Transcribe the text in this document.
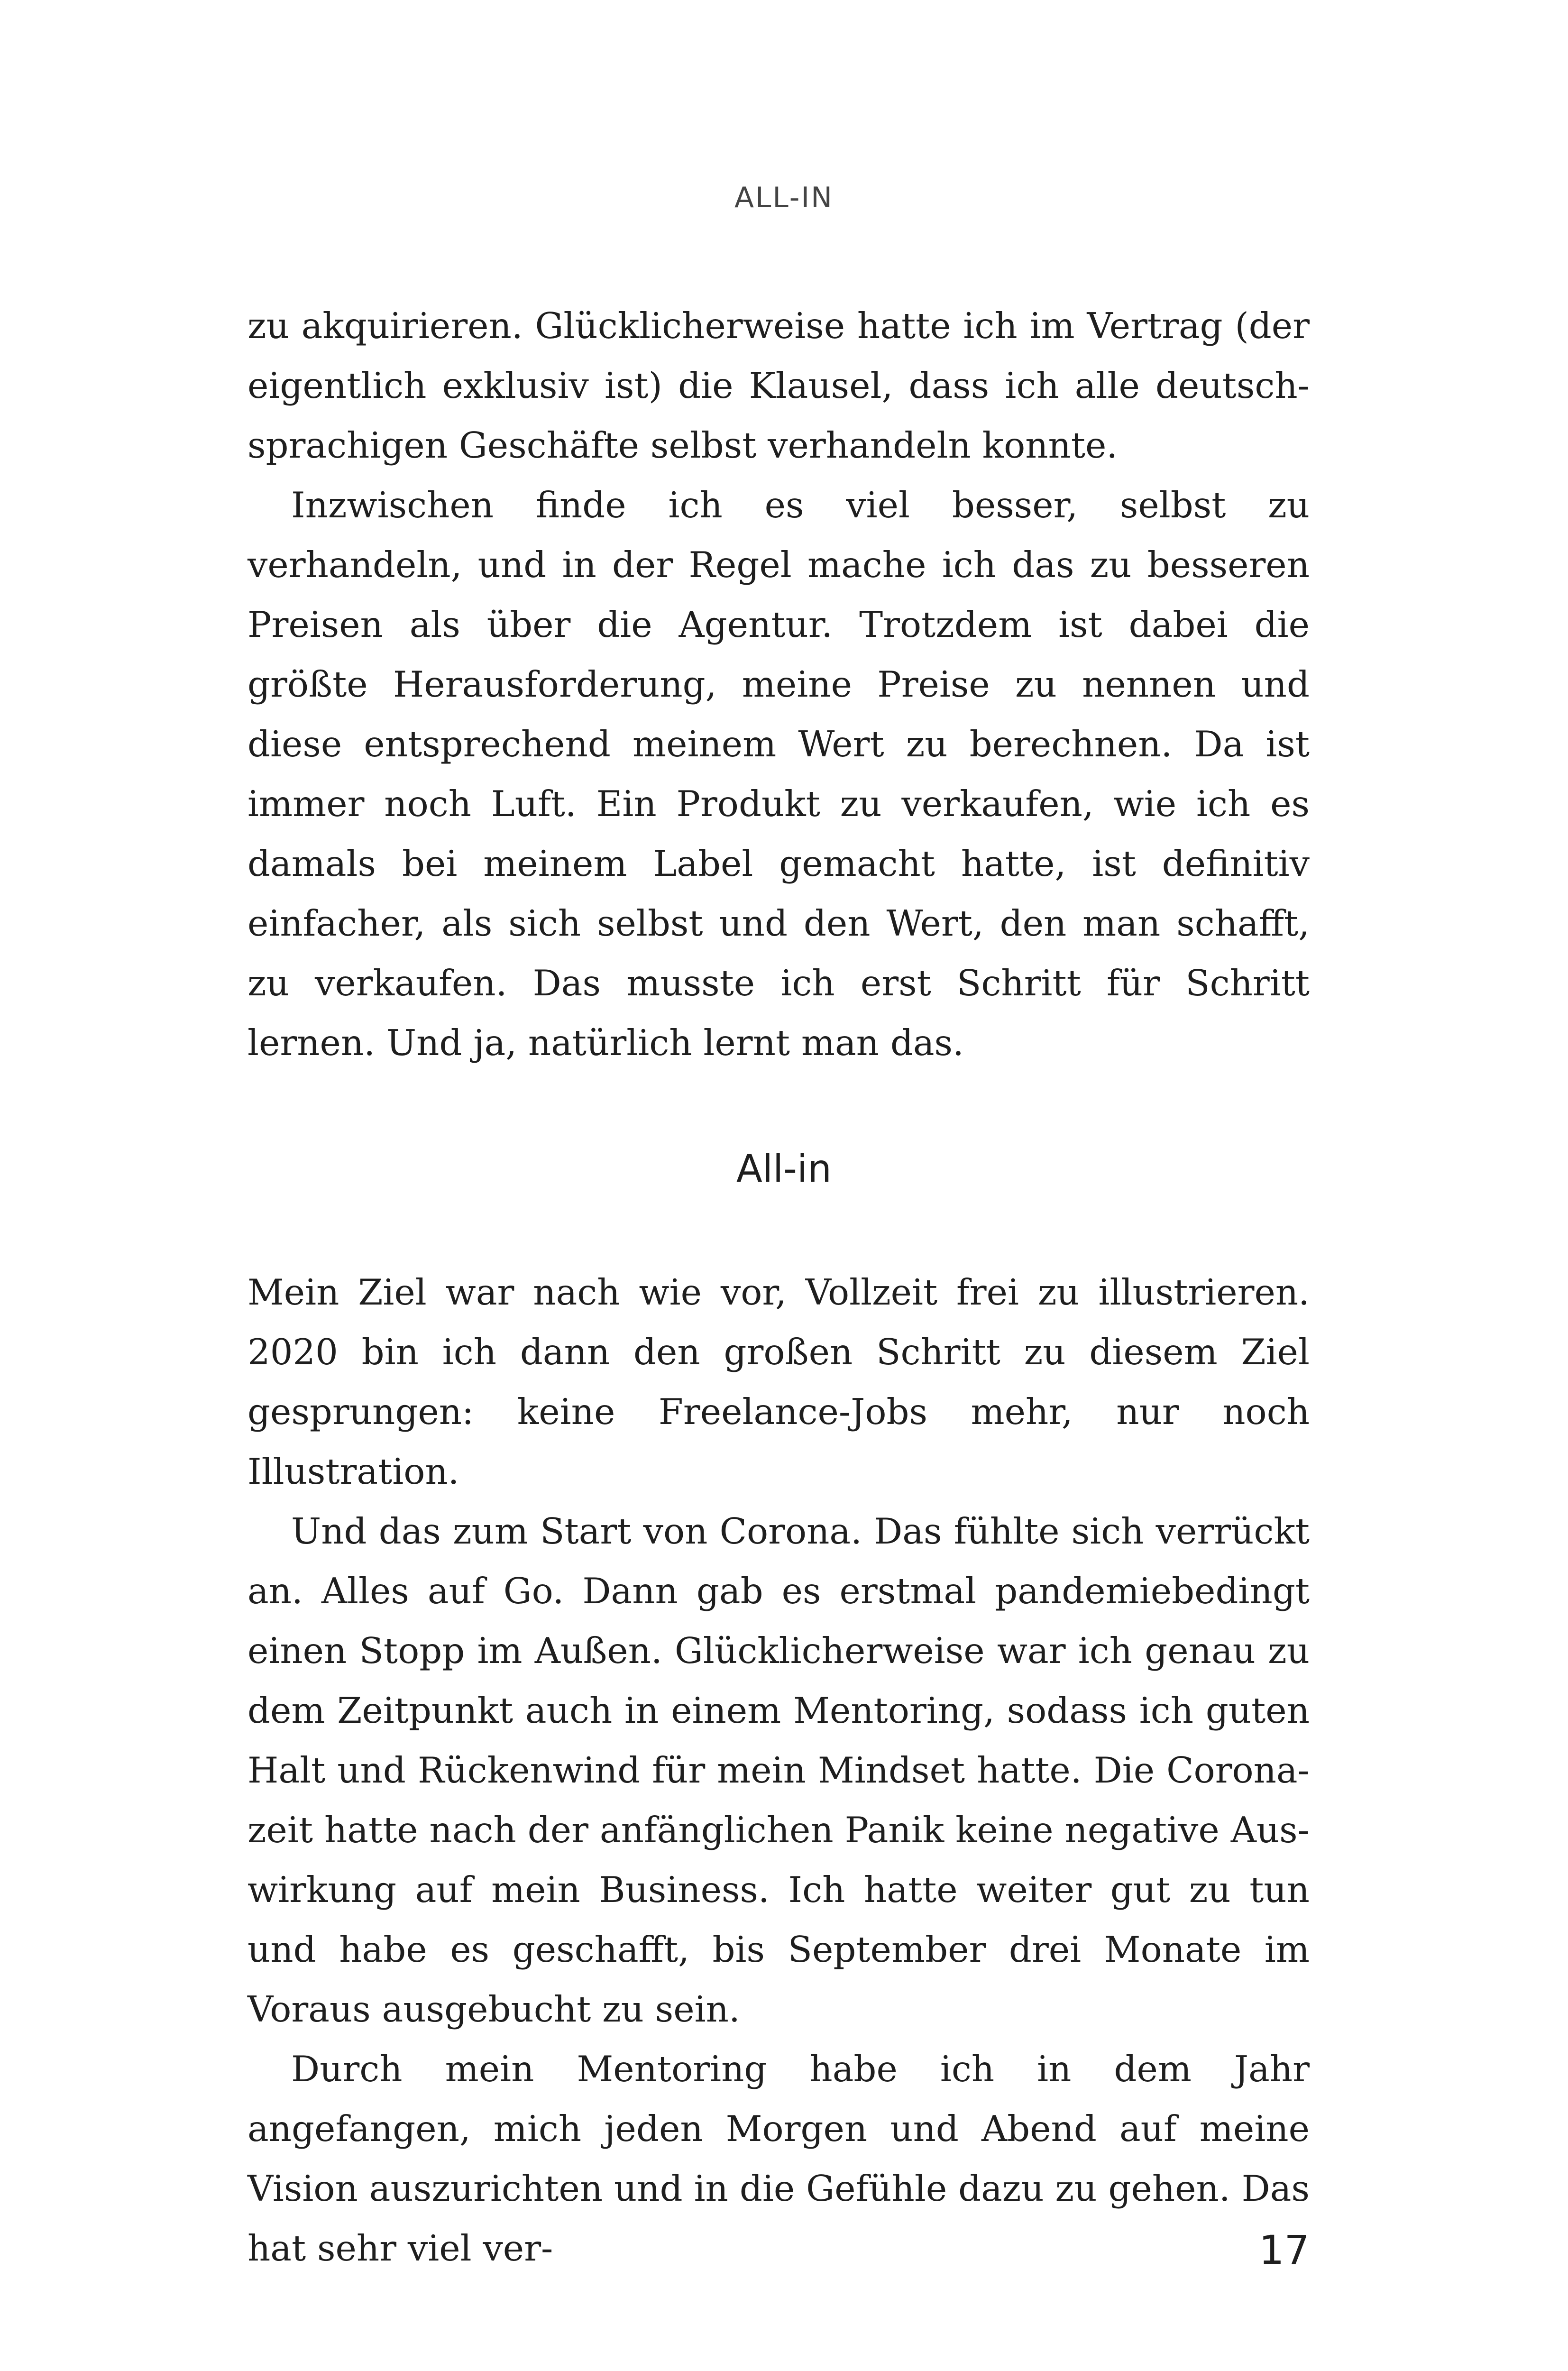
ALL-IN

zu akquirieren. Glücklicherweise hatte ich im Vertrag (der eigentlich exklusiv ist) die Klausel, dass ich alle deutschsprachigen Geschäfte selbst verhandeln konnte.

Inzwischen finde ich es viel besser, selbst zu verhandeln, und in der Regel mache ich das zu besseren Preisen als über die Agentur. Trotzdem ist dabei die größte Herausforderung, meine Preise zu nennen und diese entsprechend meinem Wert zu berechnen. Da ist immer noch Luft. Ein Produkt zu verkaufen, wie ich es damals bei meinem Label gemacht hatte, ist definitiv einfacher, als sich selbst und den Wert, den man schafft, zu verkaufen. Das musste ich erst Schritt für Schritt lernen. Und ja, natürlich lernt man das.

All-in

Mein Ziel war nach wie vor, Vollzeit frei zu illustrieren. 2020 bin ich dann den großen Schritt zu diesem Ziel gesprungen: keine Freelance-Jobs mehr, nur noch Illustration.

Und das zum Start von Corona. Das fühlte sich verrückt an. Alles auf Go. Dann gab es erstmal pandemiebedingt einen Stopp im Außen. Glücklicherweise war ich genau zu dem Zeitpunkt auch in einem Mentoring, sodass ich guten Halt und Rückenwind für mein Mindset hatte. Die Coronazeit hatte nach der anfänglichen Panik keine negative Auswirkung auf mein Business. Ich hatte weiter gut zu tun und habe es geschafft, bis September drei Monate im Voraus ausgebucht zu sein.

Durch mein Mentoring habe ich in dem Jahr angefangen, mich jeden Morgen und Abend auf meine Vision auszurichten und in die Gefühle dazu zu gehen. Das hat sehr viel ver-	17
